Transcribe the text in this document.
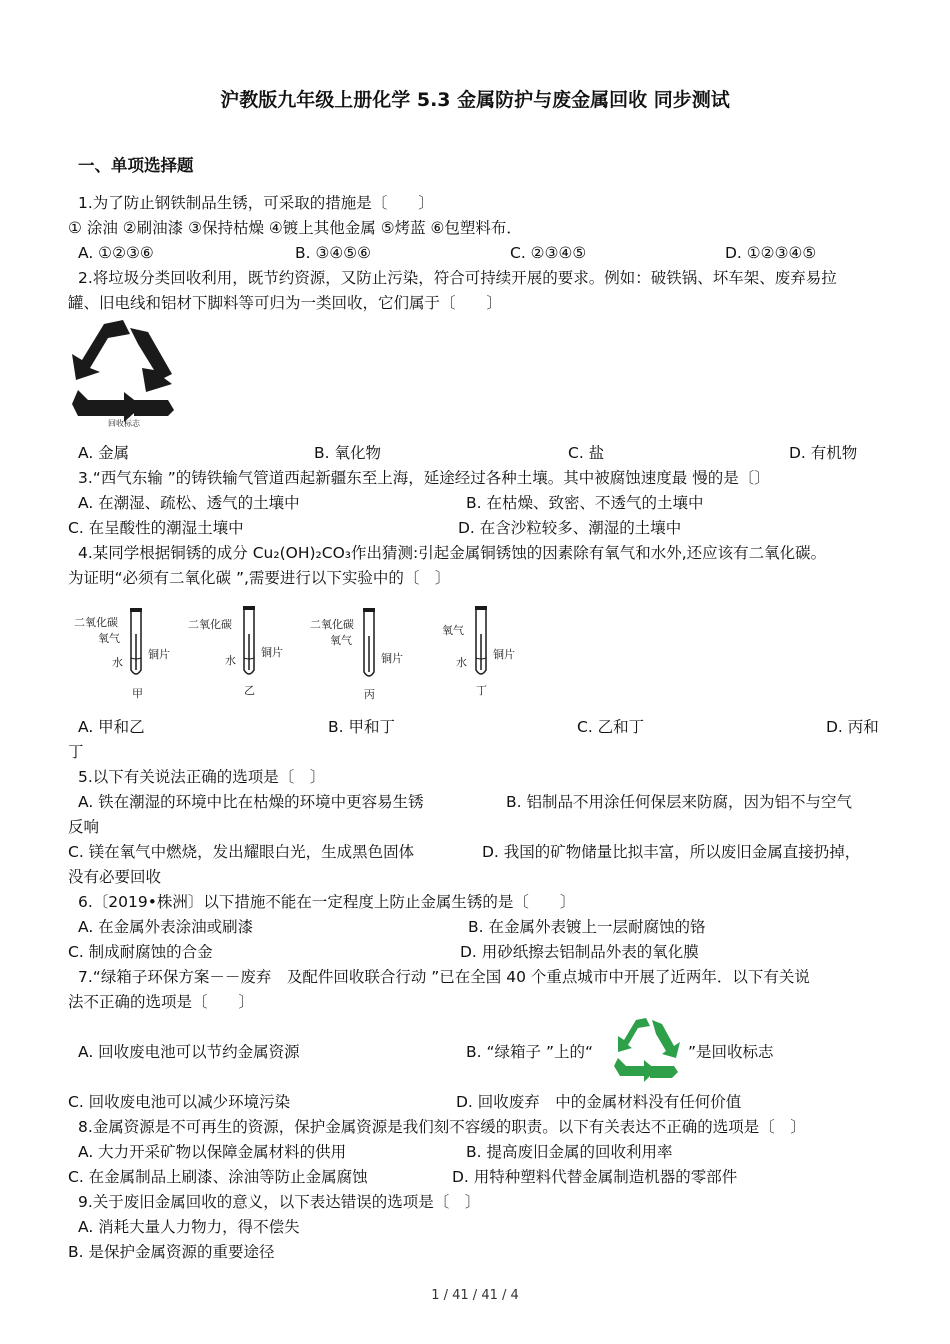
沪教版九年级上册化学 5.3 金属防护与废金属回收 同步测试
一、单项选择题
1.为了防止钢铁制品生锈，可采取的措施是〔　　〕
① 涂油 ②刷油漆 ③保持枯燥 ④镀上其他金属 ⑤烤蓝 ⑥包塑料布．
A. ①②③⑥	B. ③④⑤⑥	C. ②③④⑤	D. ①②③④⑤
2.将垃圾分类回收利用，既节约资源，又防止污染，符合可持续开展的要求。例如：破铁锅、坏车架、废弃易拉
罐、旧电线和铝材下脚料等可归为一类回收，它们属于〔　　〕
回收标志
A. 金属	B. 氧化物	C. 盐	D. 有机物
3.“西气东输 ”的铸铁输气管道西起新疆东至上海，延途经过各种土壤。其中被腐蚀速度最 慢的是〔〕
A. 在潮湿、疏松、透气的土壤中	B. 在枯燥、致密、不透气的土壤中
C. 在呈酸性的潮湿土壤中	D. 在含沙粒较多、潮湿的土壤中
4.某同学根据铜锈的成分 Cu₂(OH)₂CO₃作出猜测:引起金属铜锈蚀的因素除有氧气和水外,还应该有二氧化碳。
为证明“必须有二氧化碳 ”,需要进行以下实验中的〔　〕
二氧化碳
氧气
水
铜片
甲
二氧化碳
水
铜片
乙
二氧化碳
氧气
铜片
丙
氧气
水
铜片
丁
A. 甲和乙	B. 甲和丁	C. 乙和丁	D. 丙和
丁
5.以下有关说法正确的选项是〔　〕
A. 铁在潮湿的环境中比在枯燥的环境中更容易生锈	B. 铝制品不用涂任何保层来防腐，因为铝不与空气
反响
C. 镁在氧气中燃烧，发出耀眼白光，生成黑色固体	D. 我国的矿物储量比拟丰富，所以废旧金属直接扔掉，
没有必要回收
6.〔2019•株洲〕以下措施不能在一定程度上防止金属生锈的是〔　　〕
A. 在金属外表涂油或刷漆	B. 在金属外表镀上一层耐腐蚀的铬
C. 制成耐腐蚀的合金	D. 用砂纸擦去铝制品外表的氧化膜
7.“绿箱子环保方案－－废弃　及配件回收联合行动 ”已在全国 40 个重点城市中开展了近两年．以下有关说
法不正确的选项是〔　　〕
A. 回收废电池可以节约金属资源	B. “绿箱子 ”上的“	”是回收标志
C. 回收废电池可以减少环境污染	D. 回收废弃　中的金属材料没有任何价值
8.金属资源是不可再生的资源，保护金属资源是我们刻不容缓的职责。以下有关表达不正确的选项是〔　〕
A. 大力开采矿物以保障金属材料的供用	B. 提高废旧金属的回收利用率
C. 在金属制品上刷漆、涂油等防止金属腐蚀	D. 用特种塑料代替金属制造机器的零部件
9.关于废旧金属回收的意义，以下表达错误的选项是〔　〕
A. 消耗大量人力物力，得不偿失
B. 是保护金属资源的重要途径
1 / 41 / 41 / 4
